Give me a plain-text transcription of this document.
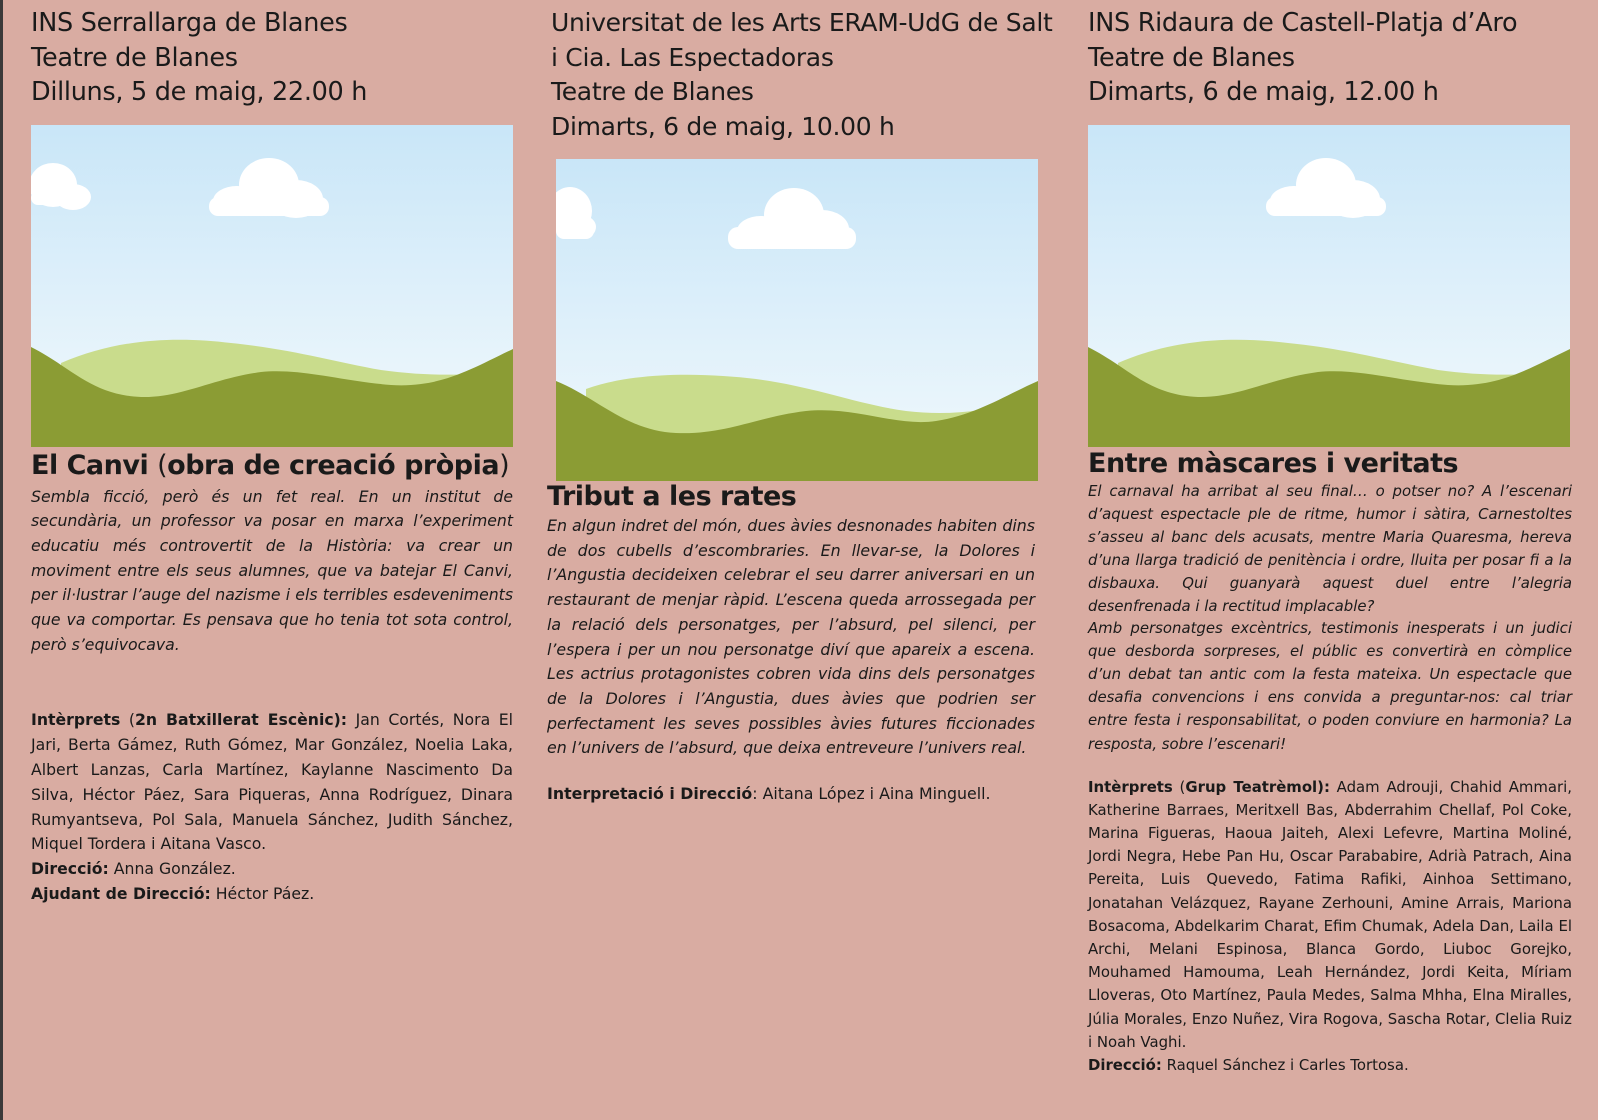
INS Serrallarga de Blanes
Teatre de Blanes
Dilluns, 5 de maig, 22.00 h
El Canvi (obra de creació pròpia)

Sembla ficció, però és un fet real. En un institut de secundària, un professor va posar en marxa l’experiment educatiu més controvertit de la Història: va crear un moviment entre els seus alumnes, que va batejar El Canvi, per il·lustrar l’auge del nazisme i els terribles esdeveniments que va comportar. Es pensava que ho tenia tot sota control, però s’equivocava.

Intèrprets (2n Batxillerat Escènic): Jan Cortés, Nora El Jari, Berta Gámez, Ruth Gómez, Mar González, Noelia Laka, Albert Lanzas, Carla Martínez, Kaylanne Nascimento Da Silva, Héctor Páez, Sara Piqueras, Anna Rodríguez, Dinara Rumyantseva, Pol Sala, Manuela Sánchez, Judith Sánchez, Miquel Tordera i Aitana Vasco.

Direcció: Anna González.

Ajudant de Direcció: Héctor Páez.

Universitat de les Arts ERAM-UdG de Salt
i Cia. Las Espectadoras
Teatre de Blanes
Dimarts, 6 de maig, 10.00 h
Tribut a les rates

En algun indret del món, dues àvies desnonades habiten dins de dos cubells d’escombraries. En llevar-se, la Dolores i l’Angustia decideixen celebrar el seu darrer aniversari en un restaurant de menjar ràpid. L’escena queda arrossegada per la relació dels personatges, per l’absurd, pel silenci, per l’espera i per un nou personatge diví que apareix a escena. Les actrius protagonistes cobren vida dins dels personatges de la Dolores i l’Angustia, dues àvies que podrien ser perfectament les seves possibles àvies futures ficcionades en l’univers de l’absurd, que deixa entreveure l’univers real.

Interpretació i Direcció: Aitana López i Aina Minguell.

INS Ridaura de Castell-Platja d’Aro
Teatre de Blanes
Dimarts, 6 de maig, 12.00 h
Entre màscares i veritats

El carnaval ha arribat al seu final… o potser no? A l’escenari d’aquest espectacle ple de ritme, humor i sàtira, Carnestoltes s’asseu al banc dels acusats, mentre Maria Quaresma, hereva d’una llarga tradició de penitència i ordre, lluita per posar fi a la disbauxa. Qui guanyarà aquest duel entre l’alegria desenfrenada i la rectitud implacable?

Amb personatges excèntrics, testimonis inesperats i un judici que desborda sorpreses, el públic es convertirà en còmplice d’un debat tan antic com la festa mateixa. Un espectacle que desafia convencions i ens convida a preguntar-nos: cal triar entre festa i responsabilitat, o poden conviure en harmonia? La resposta, sobre l’escenari!

Intèrprets (Grup Teatrèmol): Adam Adrouji, Chahid Ammari, Katherine Barraes, Meritxell Bas, Abderrahim Chellaf, Pol Coke, Marina Figueras, Haoua Jaiteh, Alexi Lefevre, Martina Moliné, Jordi Negra, Hebe Pan Hu, Oscar Parababire, Adrià Patrach, Aina Pereita, Luis Quevedo, Fatima Rafiki, Ainhoa Settimano, Jonatahan Velázquez, Rayane Zerhouni, Amine Arrais, Mariona Bosacoma, Abdelkarim Charat, Efim Chumak, Adela Dan, Laila El Archi, Melani Espinosa, Blanca Gordo, Liuboc Gorejko, Mouhamed Hamouma, Leah Hernández, Jordi Keita, Míriam Lloveras, Oto Martínez, Paula Medes, Salma Mhha, Elna Miralles, Júlia Morales, Enzo Nuñez, Vira Rogova, Sascha Rotar, Clelia Ruiz i Noah Vaghi.

Direcció: Raquel Sánchez i Carles Tortosa.
